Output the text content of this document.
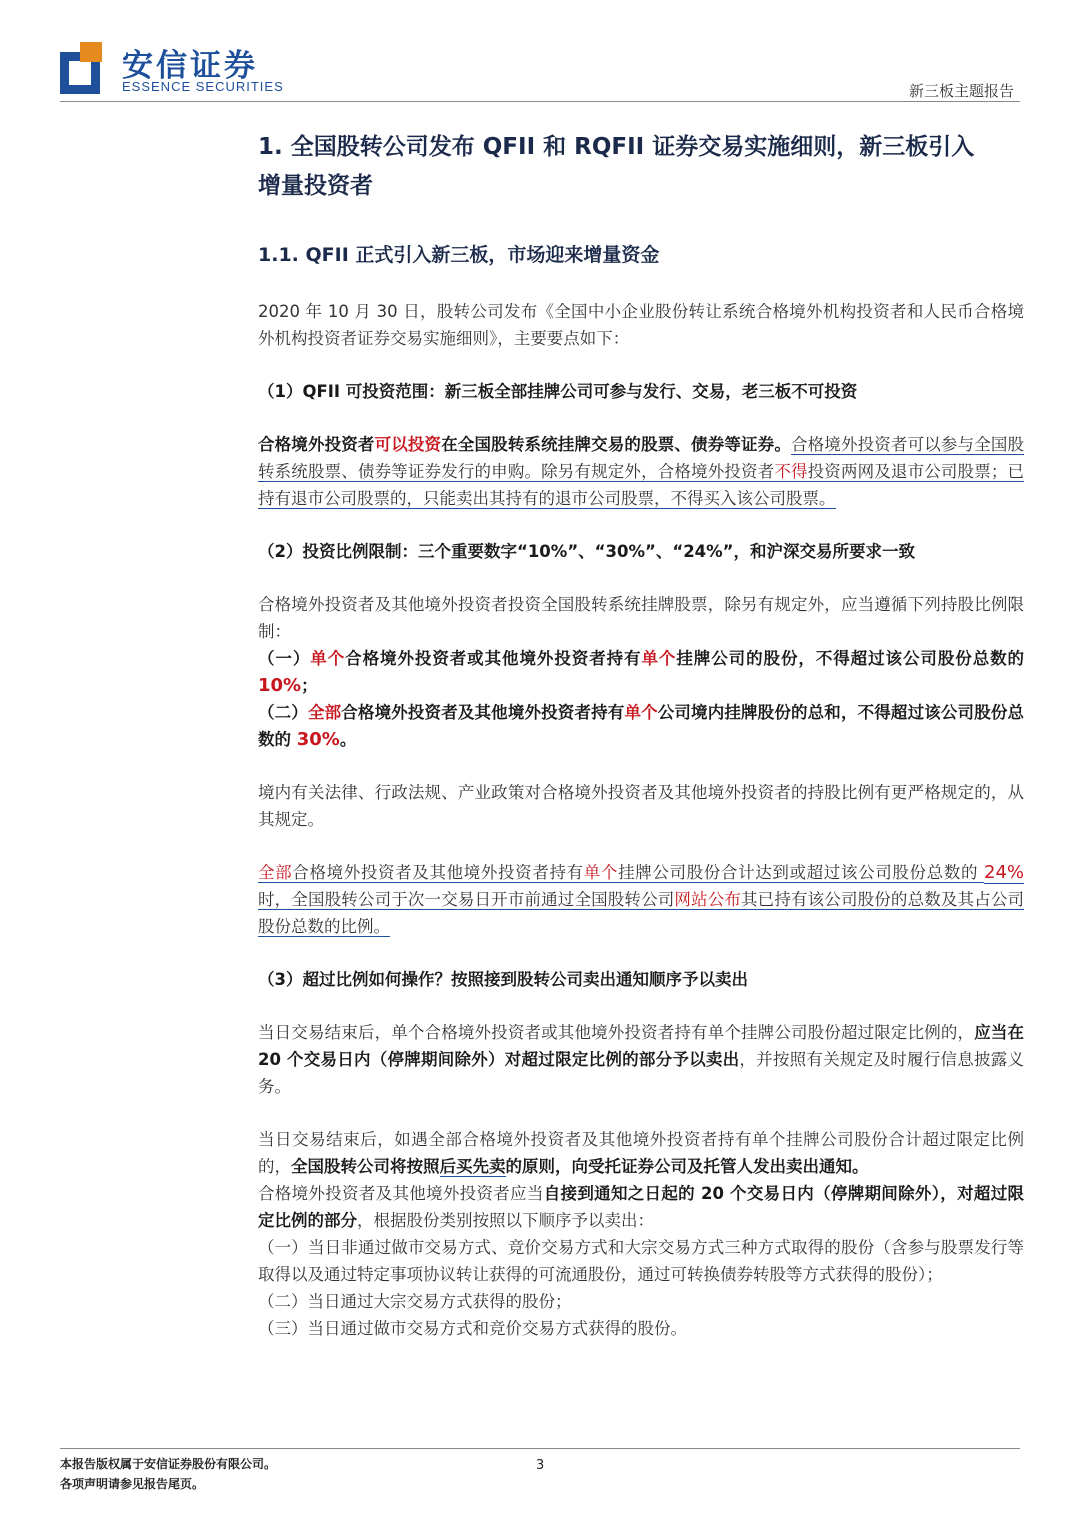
安信证券
ESSENCE SECURITIES	新三板主题报告
1. 全国股转公司发布 QFII 和 RQFII 证券交易实施细则，新三板引入
增量投资者
1.1. QFII 正式引入新三板，市场迎来增量资金

2020 年 10 月 30 日，股转公司发布《全国中小企业股份转让系统合格境外机构投资者和人民币合格境外机构投资者证券交易实施细则》，主要要点如下：

（1）QFII 可投资范围：新三板全部挂牌公司可参与发行、交易，老三板不可投资

合格境外投资者可以投资在全国股转系统挂牌交易的股票、债券等证券。合格境外投资者可以参与全国股转系统股票、债券等证券发行的申购。除另有规定外，合格境外投资者不得投资两网及退市公司股票；已持有退市公司股票的，只能卖出其持有的退市公司股票，不得买入该公司股票。

（2）投资比例限制：三个重要数字“10%”、“30%”、“24%”，和沪深交易所要求一致

合格境外投资者及其他境外投资者投资全国股转系统挂牌股票，除另有规定外，应当遵循下列持股比例限制：

（一）单个合格境外投资者或其他境外投资者持有单个挂牌公司的股份，不得超过该公司股份总数的 10%；

（二）全部合格境外投资者及其他境外投资者持有单个公司境内挂牌股份的总和，不得超过该公司股份总数的 30%。

境内有关法律、行政法规、产业政策对合格境外投资者及其他境外投资者的持股比例有更严格规定的，从其规定。

全部合格境外投资者及其他境外投资者持有单个挂牌公司股份合计达到或超过该公司股份总数的 24%时，全国股转公司于次一交易日开市前通过全国股转公司网站公布其已持有该公司股份的总数及其占公司股份总数的比例。

（3）超过比例如何操作？按照接到股转公司卖出通知顺序予以卖出

当日交易结束后，单个合格境外投资者或其他境外投资者持有单个挂牌公司股份超过限定比例的，应当在 20 个交易日内（停牌期间除外）对超过限定比例的部分予以卖出，并按照有关规定及时履行信息披露义务。

当日交易结束后，如遇全部合格境外投资者及其他境外投资者持有单个挂牌公司股份合计超过限定比例的，全国股转公司将按照后买先卖的原则，向受托证券公司及托管人发出卖出通知。

合格境外投资者及其他境外投资者应当自接到通知之日起的 20 个交易日内（停牌期间除外），对超过限定比例的部分，根据股份类别按照以下顺序予以卖出：

（一）当日非通过做市交易方式、竞价交易方式和大宗交易方式三种方式取得的股份（含参与股票发行等取得以及通过特定事项协议转让获得的可流通股份，通过可转换债券转股等方式获得的股份）；

（二）当日通过大宗交易方式获得的股份；

（三）当日通过做市交易方式和竞价交易方式获得的股份。

本报告版权属于安信证券股份有限公司。
各项声明请参见报告尾页。
3
